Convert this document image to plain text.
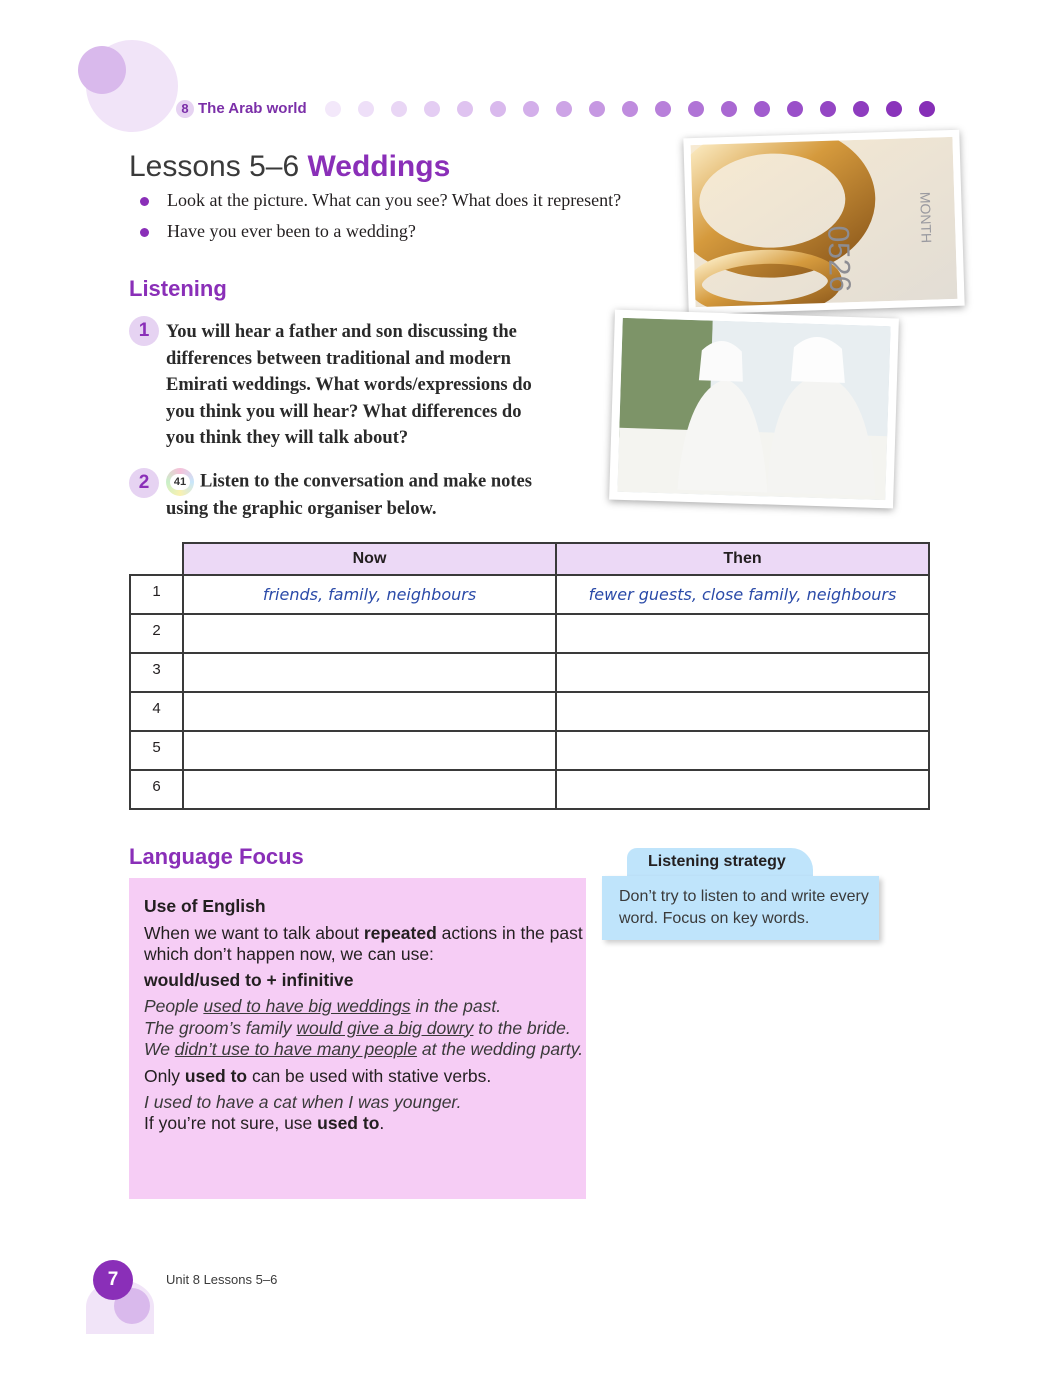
8 The Arab world
Lessons 5–6 Weddings
Look at the picture. What can you see? What does it represent?
Have you ever been to a wedding?	0526
MONTH
Listening
1 You will hear a father and son discussing the
differences between traditional and modern
Emirati weddings. What words/expressions do
you think you will hear? What differences do
you think they will talk about?
2	41 Listen to the conversation and make notes
using the graphic organiser below.
	Now	Then
1	friends, family, neighbours	fewer guests, close family, neighbours
2		
3		
4		
5		
6		
Language Focus
Use of English

When we want to talk about repeated actions in the past which don’t happen now, we can use:

would/used to + infinitive

People used to have big weddings in the past.

The groom’s family would give a big dowry to the bride.

We didn’t use to have many people at the wedding party.

Only used to can be used with stative verbs.

I used to have a cat when I was younger.

If you’re not sure, use used to.

Listening strategy
Don’t try to listen to and write every word. Focus on key words.
7	Unit 8 Lessons 5–6
